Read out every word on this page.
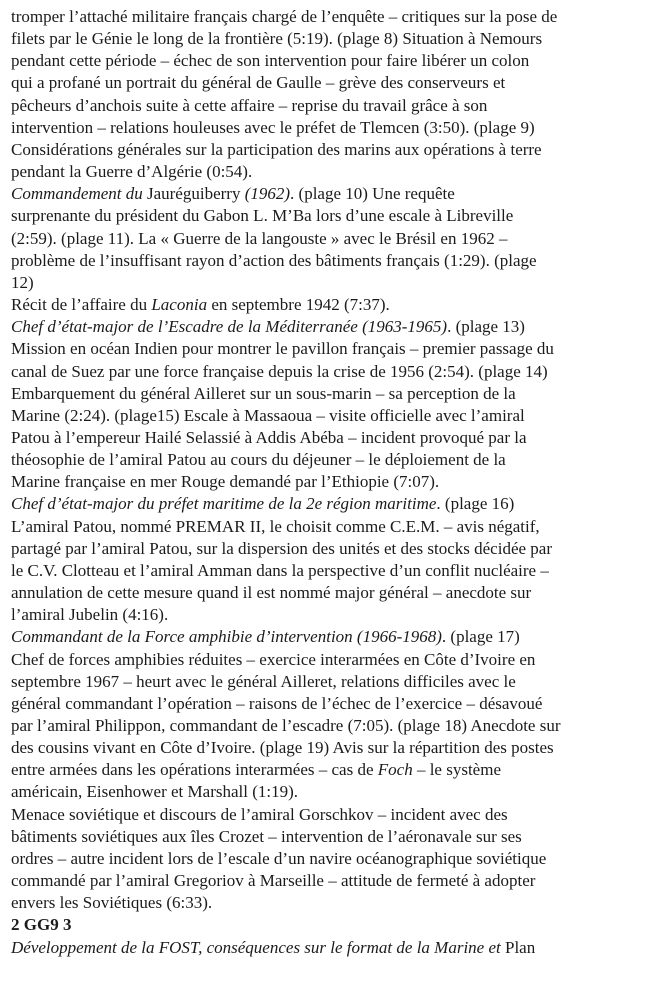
tromper l’attaché militaire français chargé de l’enquête – critiques sur la pose de
filets par le Génie le long de la frontière (5:19). (plage 8) Situation à Nemours
pendant cette période – échec de son intervention pour faire libérer un colon
qui a profané un portrait du général de Gaulle – grève des conserveurs et
pêcheurs d’anchois suite à cette affaire – reprise du travail grâce à son
intervention – relations houleuses avec le préfet de Tlemcen (3:50). (plage 9)
Considérations générales sur la participation des marins aux opérations à terre
pendant la Guerre d’Algérie (0:54).
Commandement du Jauréguiberry (1962). (plage 10) Une requête
surprenante du président du Gabon L. M’Ba lors d’une escale à Libreville
(2:59). (plage 11). La « Guerre de la langouste » avec le Brésil en 1962 –
problème de l’insuffisant rayon d’action des bâtiments français (1:29). (plage
12)
Récit de l’affaire du Laconia en septembre 1942 (7:37).
Chef d’état-major de l’Escadre de la Méditerranée (1963-1965). (plage 13)
Mission en océan Indien pour montrer le pavillon français – premier passage du
canal de Suez par une force française depuis la crise de 1956 (2:54). (plage 14)
Embarquement du général Ailleret sur un sous-marin – sa perception de la
Marine (2:24). (plage15) Escale à Massaoua – visite officielle avec l’amiral
Patou à l’empereur Hailé Selassié à Addis Abéba – incident provoqué par la
théosophie de l’amiral Patou au cours du déjeuner – le déploiement de la
Marine française en mer Rouge demandé par l’Ethiopie (7:07).
Chef d’état-major du préfet maritime de la 2e région maritime. (plage 16)
L’amiral Patou, nommé PREMAR II, le choisit comme C.E.M. – avis négatif,
partagé par l’amiral Patou, sur la dispersion des unités et des stocks décidée par
le C.V. Clotteau et l’amiral Amman dans la perspective d’un conflit nucléaire –
annulation de cette mesure quand il est nommé major général – anecdote sur
l’amiral Jubelin (4:16).
Commandant de la Force amphibie d’intervention (1966-1968). (plage 17)
Chef de forces amphibies réduites – exercice interarmées en Côte d’Ivoire en
septembre 1967 – heurt avec le général Ailleret, relations difficiles avec le
général commandant l’opération – raisons de l’échec de l’exercice – désavoué
par l’amiral Philippon, commandant de l’escadre (7:05). (plage 18) Anecdote sur
des cousins vivant en Côte d’Ivoire. (plage 19) Avis sur la répartition des postes
entre armées dans les opérations interarmées – cas de Foch – le système
américain, Eisenhower et Marshall (1:19).
Menace soviétique et discours de l’amiral Gorschkov – incident avec des
bâtiments soviétiques aux îles Crozet – intervention de l’aéronavale sur ses
ordres – autre incident lors de l’escale d’un navire océanographique soviétique
commandé par l’amiral Gregoriov à Marseille – attitude de fermeté à adopter
envers les Soviétiques (6:33).
2 GG9 3
Développement de la FOST, conséquences sur le format de la Marine et Plan
